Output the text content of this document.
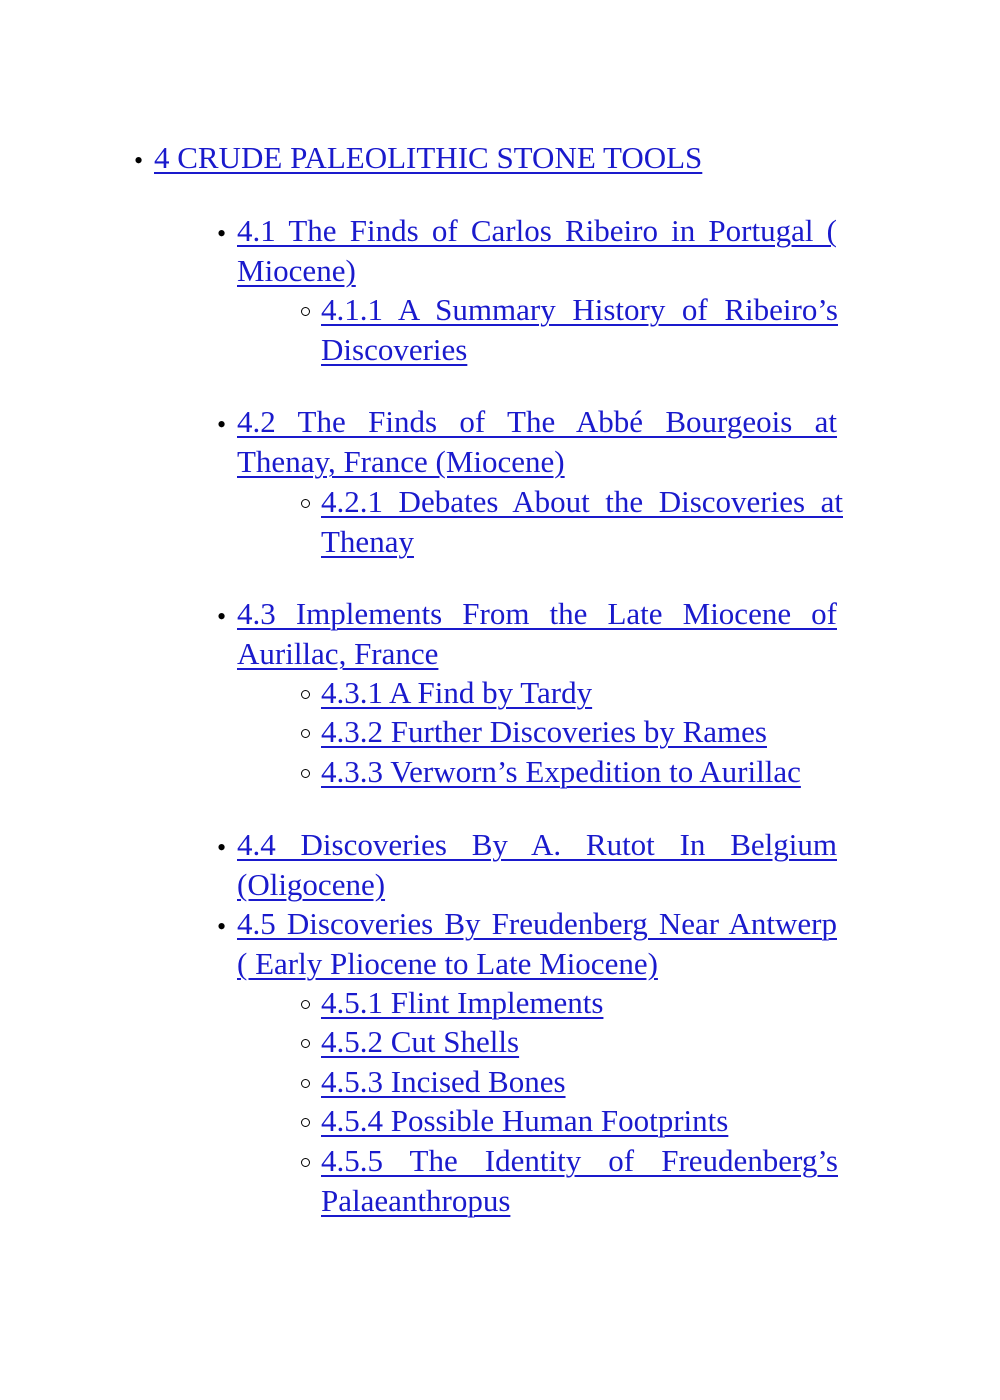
• 4 CRUDE PALEOLITHIC STONE TOOLS
• 4.1 The Finds of Carlos Ribeiro in Portugal ( Miocene)
4.1.1 A Summary History of Ribeiro’s Discoveries
• 4.2 The Finds of The Abbé Bourgeois at Thenay, France (Miocene)
4.2.1 Debates About the Discoveries at Thenay
• 4.3 Implements From the Late Miocene of Aurillac, France
4.3.1 A Find by Tardy
4.3.2 Further Discoveries by Rames
4.3.3 Verworn’s Expedition to Aurillac
• 4.4 Discoveries By A. Rutot In Belgium (Oligocene)
• 4.5 Discoveries By Freudenberg Near Antwerp ( Early Pliocene to Late Miocene)
4.5.1 Flint Implements
4.5.2 Cut Shells
4.5.3 Incised Bones
4.5.4 Possible Human Footprints
4.5.5 The Identity of Freudenberg’s Palaeanthropus
